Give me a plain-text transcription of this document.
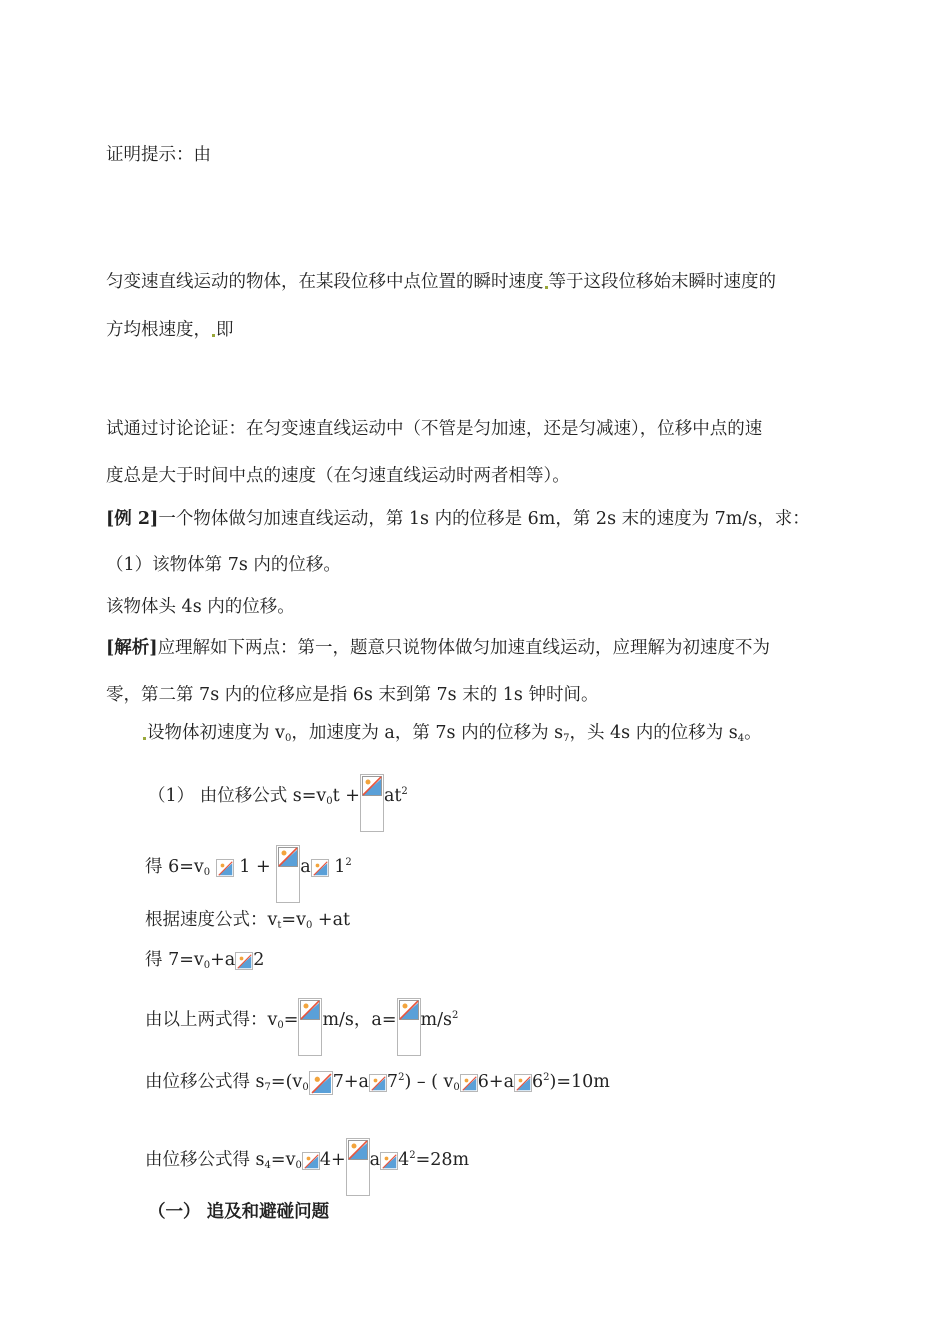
证明提示：由
匀变速直线运动的物体，在某段位移中点位置的瞬时速度 等于这段位移始末瞬时速度的
方均根速度， 即
试通过讨论论证：在匀变速直线运动中（不管是匀加速，还是匀减速），位移中点的速
度总是大于时间中点的速度（在匀速直线运动时两者相等）。
[例 2]一个物体做匀加速直线运动，第 1s 内的位移是 6m，第 2s 末的速度为 7m/s，求：
（1）该物体第 7s 内的位移。
该物体头 4s 内的位移。
[解析]应理解如下两点：第一，题意只说物体做匀加速直线运动，应理解为初速度不为
零，第二第 7s 内的位移应是指 6s 末到第 7s 末的 1s 钟时间。
设物体初速度为 $v_0$，加速度为 a，第 7s 内的位移为 $s_7$，头 4s 内的位移为 $s_4$。
（1） 由位移公式 $s=v_0t + at^2$
得 $6=v_0$ 1 + a $1^2$
根据速度公式：$v_t=v_0 +at$
得 $7=v_0+a$ 2
由以上两式得：$v_0= m/s$，$a= m/s^2$
由位移公式得 $s_7=(v_0$ 7+a $7^2$) – ( $v_0$ 6+a $6^2)=10m$
由位移公式得 $s_4=v_0$ 4+ a $4^2=28m$
（一） 追及和避碰问题
